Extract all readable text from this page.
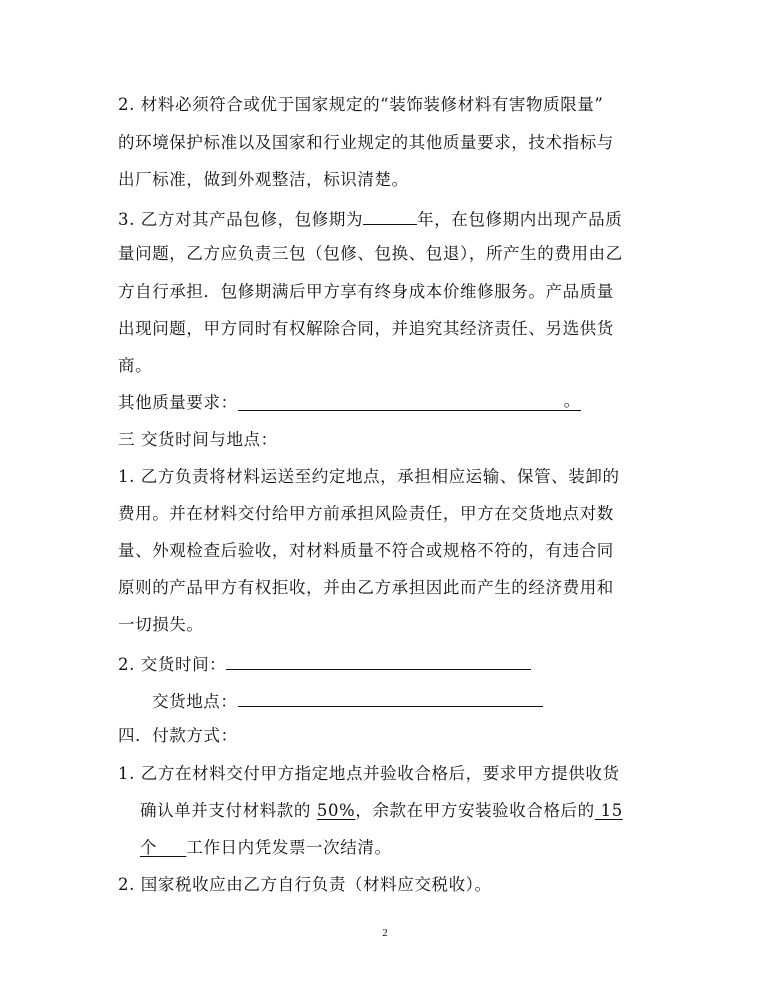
2. 材料必须符合或优于国家规定的“装饰装修材料有害物质限量”
的环境保护标准以及国家和行业规定的其他质量要求，技术指标与
出厂标准，做到外观整洁，标识清楚。
3. 乙方对其产品包修，包修期为	年，在包修期内出现产品质
量问题，乙方应负责三包（包修、包换、包退），所产生的费用由乙
方自行承担．包修期满后甲方享有终身成本价维修服务。产品质量
出现问题，甲方同时有权解除合同，并追究其经济责任、另选供货
商。
其他质量要求：	。
三 交货时间与地点：
1. 乙方负责将材料运送至约定地点，承担相应运输、保管、装卸的
费用。并在材料交付给甲方前承担风险责任，甲方在交货地点对数
量、外观检查后验收，对材料质量不符合或规格不符的，有违合同
原则的产品甲方有权拒收，并由乙方承担因此而产生的经济费用和
一切损失。
2. 交货时间：
交货地点：
四．付款方式：
1. 乙方在材料交付甲方指定地点并验收合格后，要求甲方提供收货
确认单并支付材料款的 50%，余款在甲方安装验收合格后的 15
个 工作日内凭发票一次结清。
2. 国家税收应由乙方自行负责（材料应交税收）。
2
